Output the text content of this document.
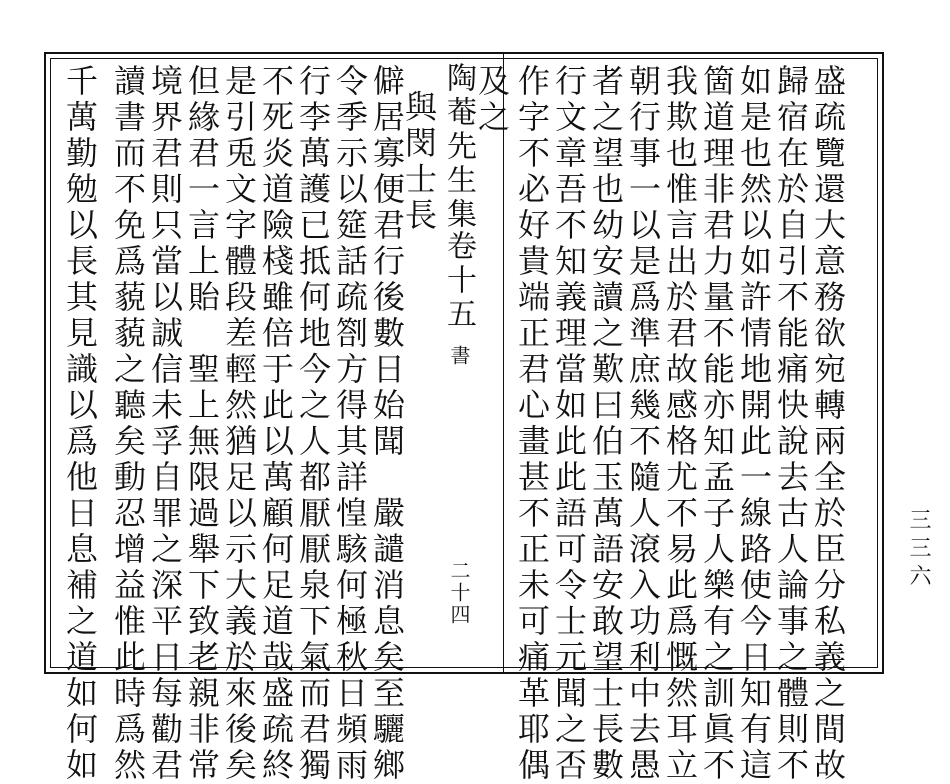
盛疏覽還大意務欲宛轉兩全於臣分私義之間故
歸宿在於自引不能痛快說去古人論事之體則不
如是也然以如許情地開此一線路使今日知有這
箇道理非君力量不能亦知孟子人樂有之訓眞不
我欺也惟言出於君故感格尤不易此爲慨然耳立
朝行事一以是爲準庶幾不隨人滾入功利中去愚
者之望也幼安讀之歎曰伯玉萬語安敢望士長數
行文章吾不知義理當如此此語可令士元聞之否
作字不必好貴端正君心畫甚不正未可痛革耶偶
及之
陶菴先生集
卷十五
書
二十四
與閔士長
僻居寡便君行後數日始聞　嚴譴消息矣至驪鄉
令季示以筵話疏劄方得其詳惶駭何極秋日頻雨
行李萬護已抵何地今之人都厭厭泉下氣而君獨
不死炎道險棧雖倍于此以萬顧何足道哉盛疏終
是引兎文字體段差輕然猶足以示大義於來後矣
但緣君一言上貽　聖上無限過舉下致老親非常
境界君則只當以誠信未孚自罪之深平日每勸君
讀書而不免爲藐藐之聽矣動忍增益惟此時爲然
千萬勤勉以長其見識以爲他日息補之道如何如	三三六
